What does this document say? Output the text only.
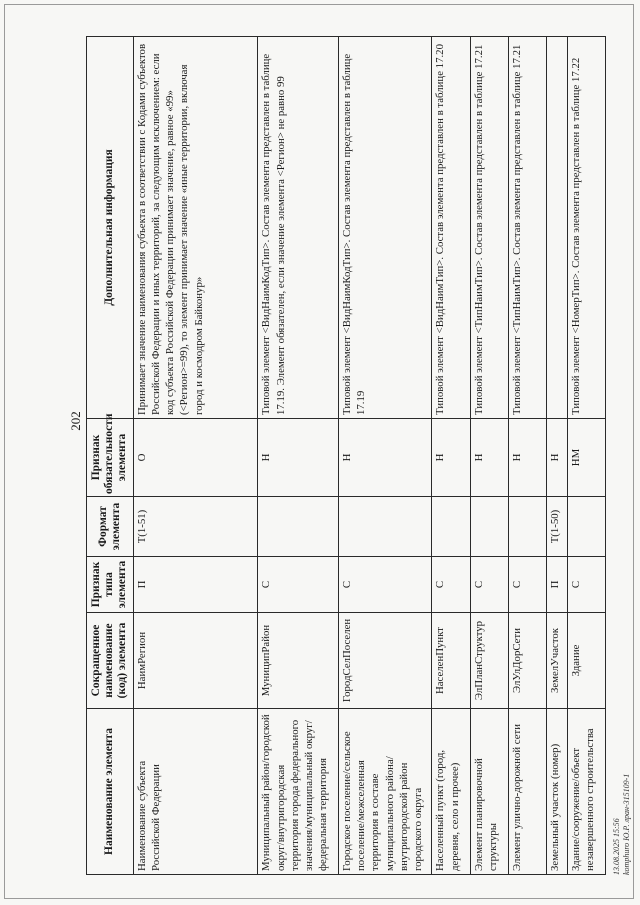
202
Наименование элемента	Сокращенное наименование (код) элемента	Признак типа элемента	Формат элемента	Признак обязательности элемента	Дополнительная информация
Наименование субъекта Российской Федерации	НаимРегион	П	T(1-51)	О	Принимает значение наименования субъекта в соответствии с Кодами субъектов Российской Федерации и иных территорий, за следующим исключением: если код субъекта Российской Федерации принимает значение, равное «99» (<Регион>=99), то элемент принимает значение «иные территории, включая город и космодром Байконур»
Муниципальный район/городской округ/внутригородская территория города федерального значения/муниципальный округ/федеральная территория	МуниципРайон	С		Н	Типовой элемент <ВидНаимКодТип>. Состав элемента представлен в таблице 17.19. Элемент обязателен, если значение элемента <Регион> не равно 99
Городское поселение/сельское поселение/межселенная территория в составе муниципального района/внутригородской район городского округа	ГородСелПоселен	С		Н	Типовой элемент <ВидНаимКодТип>. Состав элемента представлен в таблице 17.19
Населенный пункт (город, деревня, село и прочее)	НаселенПункт	С		Н	Типовой элемент <ВидНаимТип>. Состав элемента представлен в таблице 17.20
Элемент планировочной структуры	ЭлПланСтруктур	С		Н	Типовой элемент <ТипНаимТип>. Состав элемента представлен в таблице 17.21
Элемент улично-дорожной сети	ЭлУлДорСети	С		Н	Типовой элемент <ТипНаимТип>. Состав элемента представлен в таблице 17.21
Земельный участок (номер)	ЗемелУчасток	П	T(1-50)	Н	
Здание/сооружение/объект незавершенного строительства	Здание	С		НМ	Типовой элемент <НомерТип>. Состав элемента представлен в таблице 17.22
13.08.2025 15:56 komphuro Ю.Р. лран-315109-1
